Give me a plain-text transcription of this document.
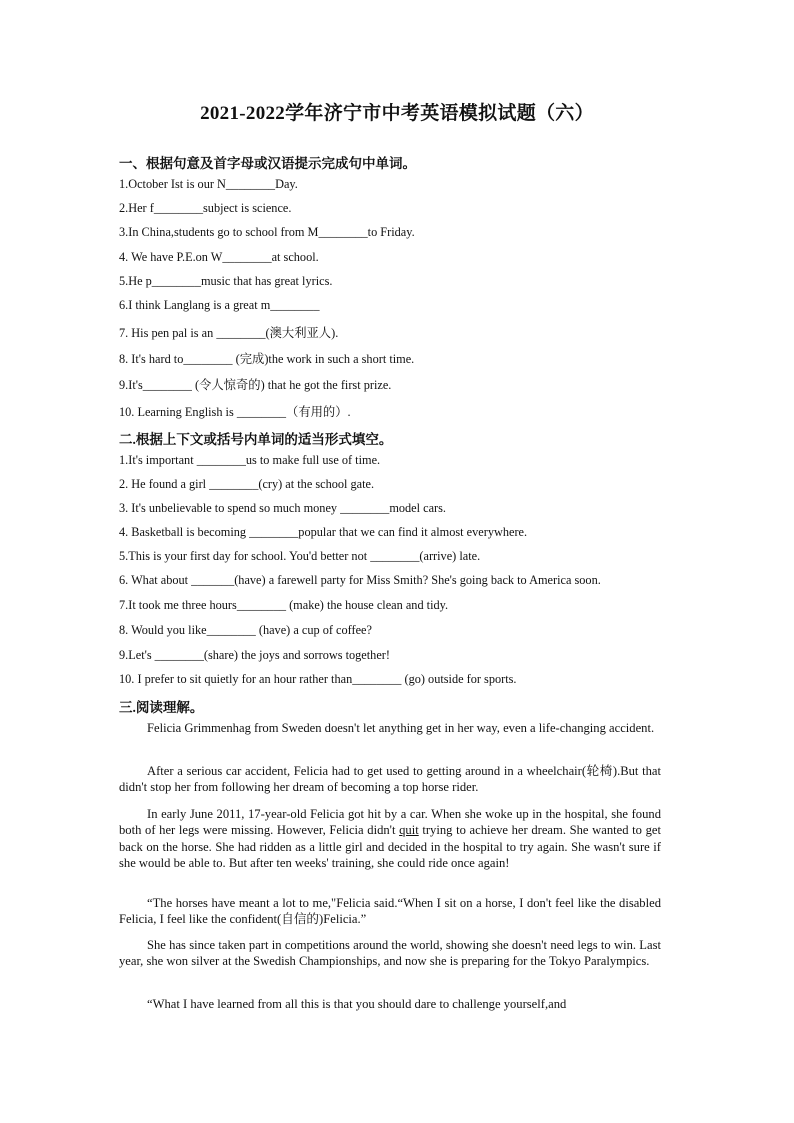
2021-2022学年济宁市中考英语模拟试题（六）
一、根据句意及首字母或汉语提示完成句中单词。
1.October Ist is our N________Day.
2.Her f________subject is science.
3.In China,students go to school from M________to Friday.
4. We have P.E.on W________at school.
5.He p________music that has great lyrics.
6.I think Langlang is a great m________
7. His pen pal is an ________(澳大利亚人).
8. It's hard to________ (完成)the work in such a short time.
9.It's________ (令人惊奇的) that he got the first prize.
10. Learning English is ________（有用的）.
二.根据上下文或括号内单词的适当形式填空。
1.It's important ________us to make full use of time.
2. He found a girl ________(cry) at the school gate.
3. It's unbelievable to spend so much money ________model cars.
4. Basketball is becoming ________popular that we can find it almost everywhere.
5.This is your first day for school. You'd better not ________(arrive) late.
6. What about _______(have) a farewell party for Miss Smith? She's going back to America soon.
7.It took me three hours________ (make) the house clean and tidy.
8. Would you like________ (have) a cup of coffee?
9.Let's ________(share) the joys and sorrows together!
10. I prefer to sit quietly for an hour rather than________ (go) outside for sports.
三.阅读理解。
Felicia Grimmenhag from Sweden doesn't let anything get in her way, even a life-changing accident.
After a serious car accident, Felicia had to get used to getting around in a wheelchair(轮椅).But that didn't stop her from following her dream of becoming a top horse rider.
In early June 2011, 17-year-old Felicia got hit by a car. When she woke up in the hospital, she found both of her legs were missing. However, Felicia didn't quit trying to achieve her dream. She wanted to get back on the horse. She had ridden as a little girl and decided in the hospital to try again. She wasn't sure if she would be able to. But after ten weeks' training, she could ride once again!
“The horses have meant a lot to me,"Felicia said.“When I sit on a horse, I don't feel like the disabled Felicia, I feel like the confident(自信的)Felicia.”
She has since taken part in competitions around the world, showing she doesn't need legs to win. Last year, she won silver at the Swedish Championships, and now she is preparing for the Tokyo Paralympics.
“What I have learned from all this is that you should dare to challenge yourself,and
